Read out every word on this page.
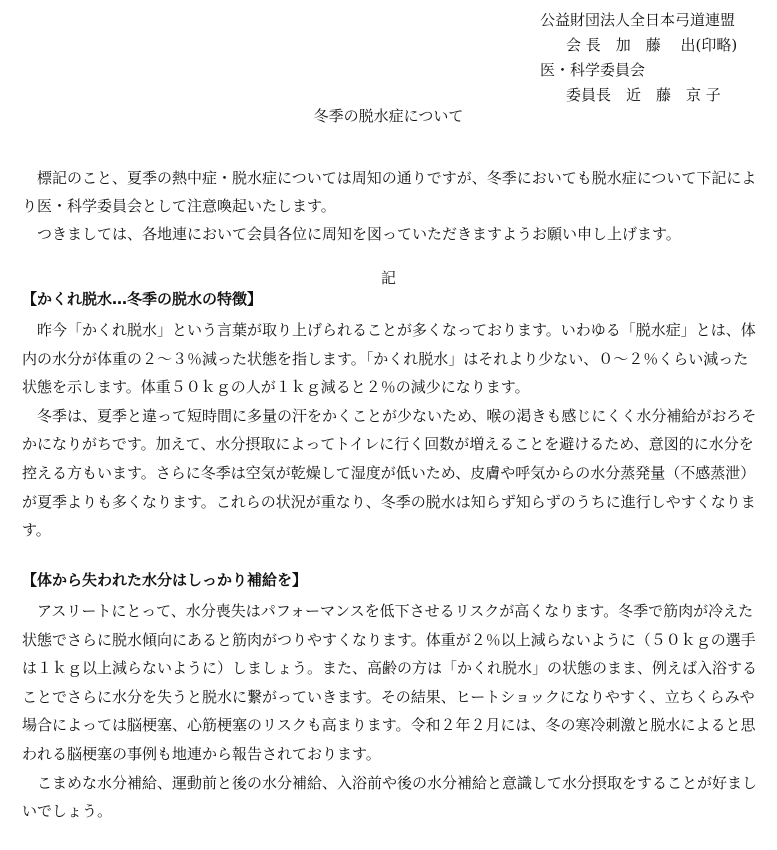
公益財団法人全日本弓道連盟
会 長　加　藤　 出(印略)
医・科学委員会
委員長　近　藤　京 子
冬季の脱水症について

標記のこと、夏季の熱中症・脱水症については周知の通りですが、冬季においても脱水症について下記により医・科学委員会として注意喚起いたします。

つきましては、各地連において会員各位に周知を図っていただきますようお願い申し上げます。

記
【かくれ脱水…冬季の脱水の特徴】

昨今「かくれ脱水」という言葉が取り上げられることが多くなっております。いわゆる「脱水症」とは、体内の水分が体重の２～３％減った状態を指します。「かくれ脱水」はそれより少ない、０～２％くらい減った状態を示します。体重５０ｋｇの人が１ｋｇ減ると２％の減少になります。

冬季は、夏季と違って短時間に多量の汗をかくことが少ないため、喉の渇きも感じにくく水分補給がおろそかになりがちです。加えて、水分摂取によってトイレに行く回数が増えることを避けるため、意図的に水分を控える方もいます。さらに冬季は空気が乾燥して湿度が低いため、皮膚や呼気からの水分蒸発量（不感蒸泄）が夏季よりも多くなります。これらの状況が重なり、冬季の脱水は知らず知らずのうちに進行しやすくなります。

【体から失われた水分はしっかり補給を】

アスリートにとって、水分喪失はパフォーマンスを低下させるリスクが高くなります。冬季で筋肉が冷えた状態でさらに脱水傾向にあると筋肉がつりやすくなります。体重が２％以上減らないように（５０ｋｇの選手は１ｋｇ以上減らないように）しましょう。また、高齢の方は「かくれ脱水」の状態のまま、例えば入浴することでさらに水分を失うと脱水に繋がっていきます。その結果、ヒートショックになりやすく、立ちくらみや場合によっては脳梗塞、心筋梗塞のリスクも高まります。令和２年２月には、冬の寒冷刺激と脱水によると思われる脳梗塞の事例も地連から報告されております。

こまめな水分補給、運動前と後の水分補給、入浴前や後の水分補給と意識して水分摂取をすることが好ましいでしょう。
